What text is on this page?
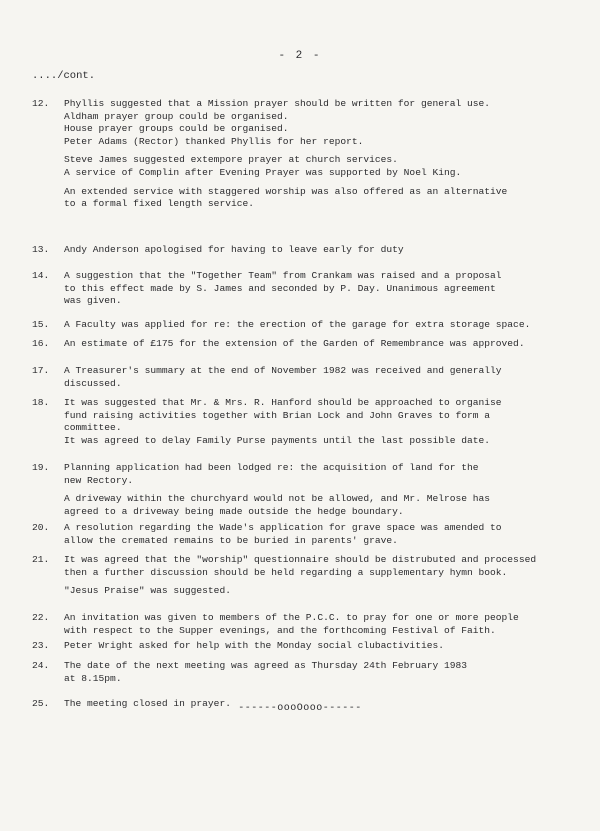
- 2 -
..../cont.
12.	Phyllis suggested that a Mission prayer should be written for general use.
Aldham prayer group could be organised.
House prayer groups could be organised.
Peter Adams (Rector) thanked Phyllis for her report.

Steve James suggested extempore prayer at church services.
A service of Complin after Evening Prayer was supported by Noel King.

An extended service with staggered worship was also offered as an alternative
to a formal fixed length service.

13.	Andy Anderson apologised for having to leave early for duty

14.	A suggestion that the "Together Team" from Crankam was raised and a proposal
to this effect made by S. James and seconded by P. Day. Unanimous agreement
was given.

15.	A Faculty was applied for re: the erection of the garage for extra storage space.

16.	An estimate of £175 for the extension of the Garden of Remembrance was approved.

17.	A Treasurer's summary at the end of November 1982 was received and generally
discussed.

18.	It was suggested that Mr. & Mrs. R. Hanford should be approached to organise
fund raising activities together with Brian Lock and John Graves to form a
committee.
It was agreed to delay Family Purse payments until the last possible date.

19.	Planning application had been lodged re: the acquisition of land for the
new Rectory.

A driveway within the churchyard would not be allowed, and Mr. Melrose has
agreed to a driveway being made outside the hedge boundary.

20.	A resolution regarding the Wade's application for grave space was amended to
allow the cremated remains to be buried in parents' grave.

21.	It was agreed that the "worship" questionnaire should be distrubuted and processed
then a further discussion should be held regarding a supplementary hymn book.

"Jesus Praise" was suggested.

22.	An invitation was given to members of the P.C.C. to pray for one or more people
with respect to the Supper evenings, and the forthcoming Festival of Faith.

23.	Peter Wright asked for help with the Monday social clubactivities.

24.	The date of the next meeting was agreed as Thursday 24th February 1983
at 8.15pm.

25.	The meeting closed in prayer. ------oooOooo------
